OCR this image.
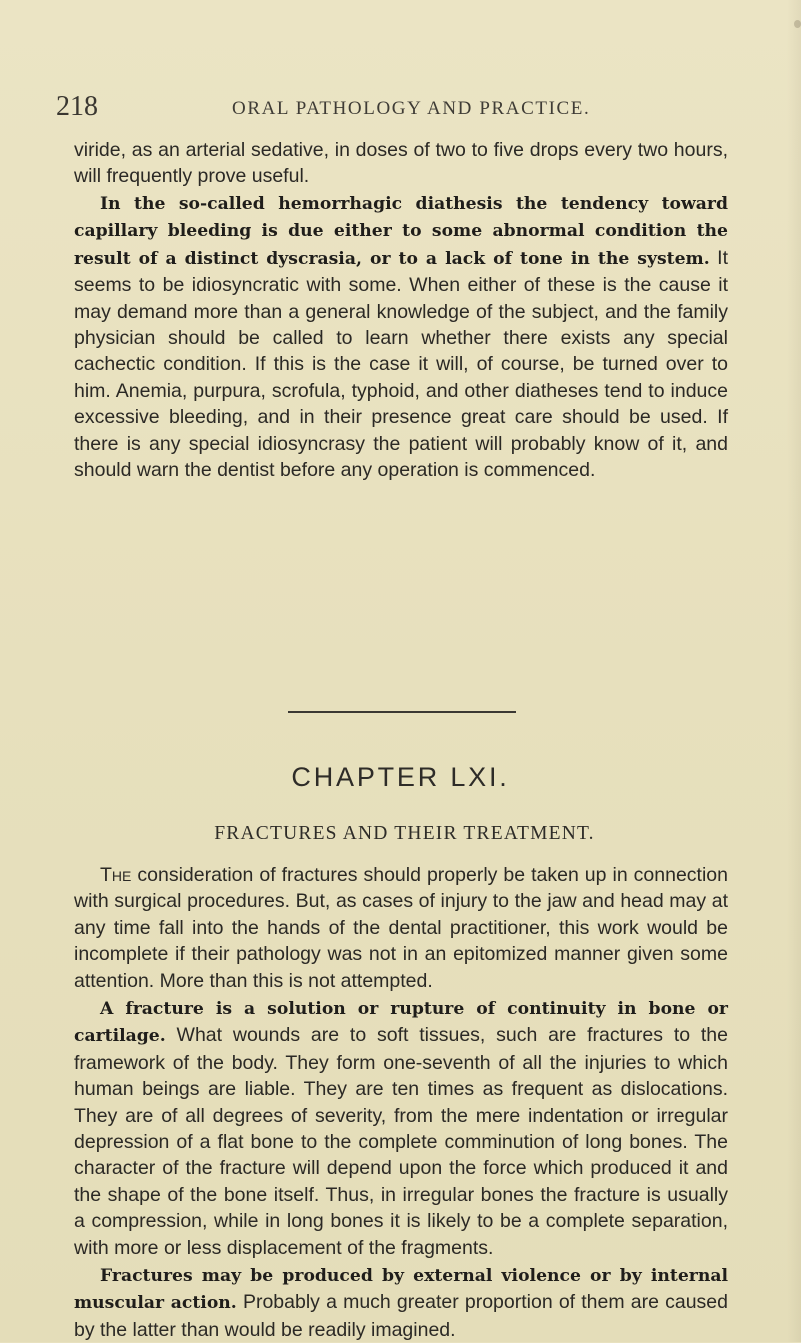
218	ORAL PATHOLOGY AND PRACTICE.

viride, as an arterial sedative, in doses of two to five drops every two hours, will frequently prove useful.

In the so-called hemorrhagic diathesis the tendency toward capillary bleeding is due either to some abnormal condition the result of a distinct dyscrasia, or to a lack of tone in the system. It seems to be idiosyncratic with some. When either of these is the cause it may demand more than a general knowledge of the subject, and the family physician should be called to learn whether there exists any special cachectic condition. If this is the case it will, of course, be turned over to him. Anemia, purpura, scrofula, typhoid, and other diatheses tend to induce excessive bleeding, and in their presence great care should be used. If there is any special idiosyncrasy the patient will probably know of it, and should warn the dentist before any operation is commenced.

CHAPTER LXI.
FRACTURES AND THEIR TREATMENT.

The consideration of fractures should properly be taken up in connection with surgical procedures. But, as cases of injury to the jaw and head may at any time fall into the hands of the dental practitioner, this work would be incomplete if their pathology was not in an epitomized manner given some attention. More than this is not attempted.

A fracture is a solution or rupture of continuity in bone or cartilage. What wounds are to soft tissues, such are fractures to the framework of the body. They form one-seventh of all the injuries to which human beings are liable. They are ten times as frequent as dislocations. They are of all degrees of severity, from the mere indentation or irregular depression of a flat bone to the complete comminution of long bones. The character of the fracture will depend upon the force which produced it and the shape of the bone itself. Thus, in irregular bones the fracture is usually a compression, while in long bones it is likely to be a complete separation, with more or less displacement of the fragments.

Fractures may be produced by external violence or by internal muscular action. Probably a much greater proportion of them are caused by the latter than would be readily imagined.
